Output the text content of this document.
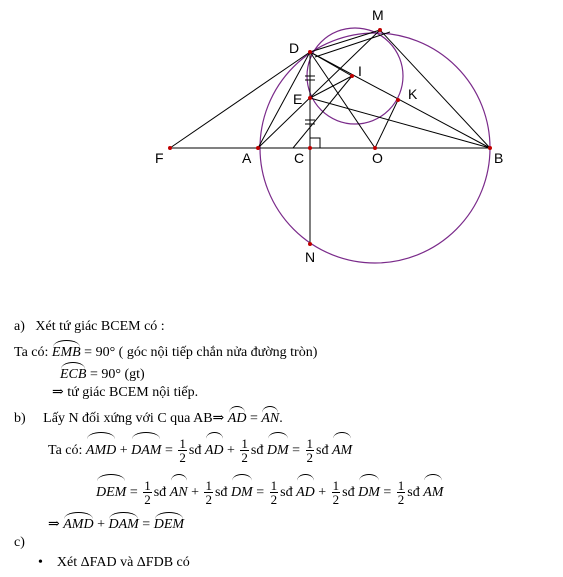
F	A	C	O	B
D
E
I
K
M
N
a) Xét tứ giác BCEM có :
Ta có: EMB = 90° ( góc nội tiếp chắn nửa đường tròn)
ECB = 90° (gt)
⇒ tứ giác BCEM nội tiếp.
b) Lấy N đối xứng với C qua AB⇒ AD = AN.
Ta có: AMD + DAM = $\frac{1}{2}$ sđ AD + $\frac{1}{2}$ sđ DM = $\frac{1}{2}$ sđ AM
DEM = $\frac{1}{2}$ sđ AN + $\frac{1}{2}$ sđ DM = $\frac{1}{2}$ sđ AD + $\frac{1}{2}$ sđ DM = $\frac{1}{2}$ sđ AM
⇒ AMD + DAM = DEM
c)
• Xét ΔFAD và ΔFDB có
